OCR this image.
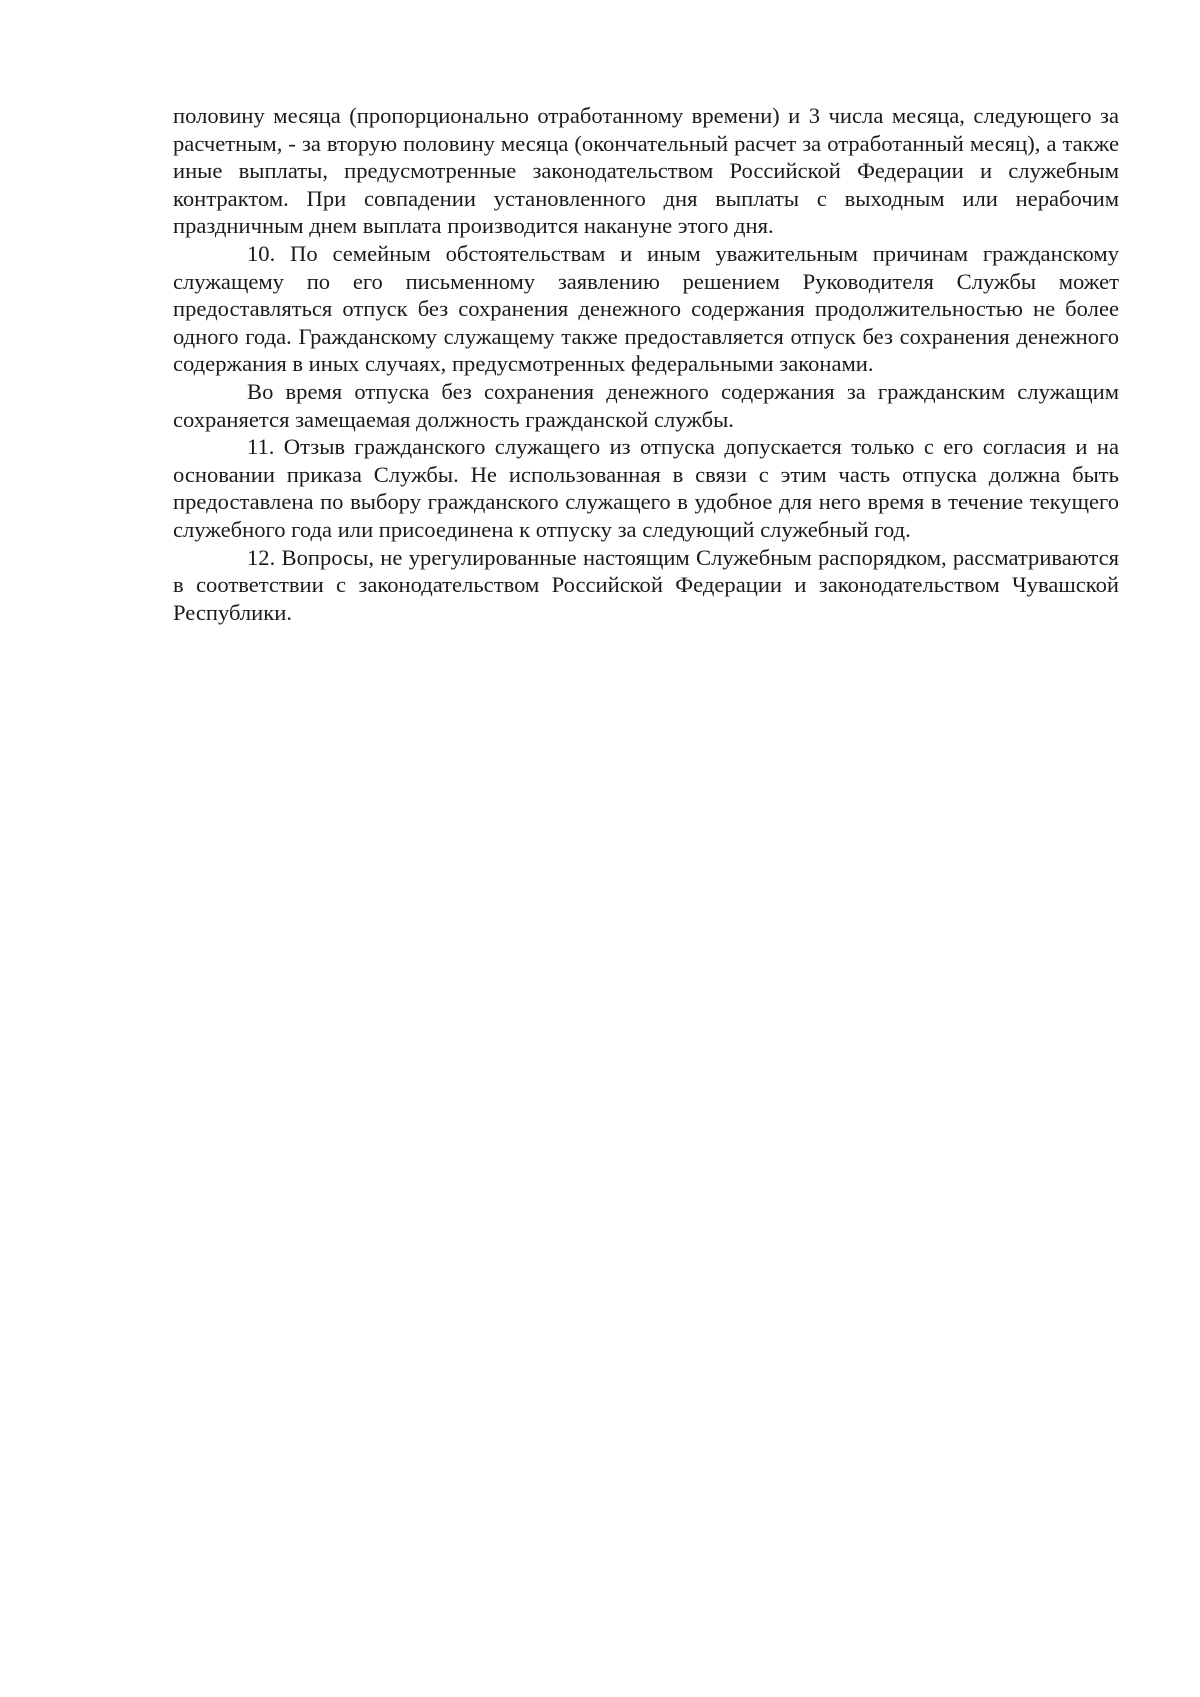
половину месяца (пропорционально отработанному времени) и 3 числа месяца, следующего за расчетным, - за вторую половину месяца (окончательный расчет за отработанный месяц), а также иные выплаты, предусмотренные законодательством Российской Федерации и служебным контрактом. При совпадении установленного дня выплаты с выходным или нерабочим праздничным днем выплата производится накануне этого дня.

10. По семейным обстоятельствам и иным уважительным причинам гражданскому служащему по его письменному заявлению решением Руководителя Службы может предоставляться отпуск без сохранения денежного содержания продолжительностью не более одного года. Гражданскому служащему также предоставляется отпуск без сохранения денежного содержания в иных случаях, предусмотренных федеральными законами.

Во время отпуска без сохранения денежного содержания за гражданским служащим сохраняется замещаемая должность гражданской службы.

11. Отзыв гражданского служащего из отпуска допускается только с его согласия и на основании приказа Службы. Не использованная в связи с этим часть отпуска должна быть предоставлена по выбору гражданского служащего в удобное для него время в течение текущего служебного года или присоединена к отпуску за следующий служебный год.

12. Вопросы, не урегулированные настоящим Служебным распорядком, рассматриваются в соответствии с законодательством Российской Федерации и законодательством Чувашской Республики.
